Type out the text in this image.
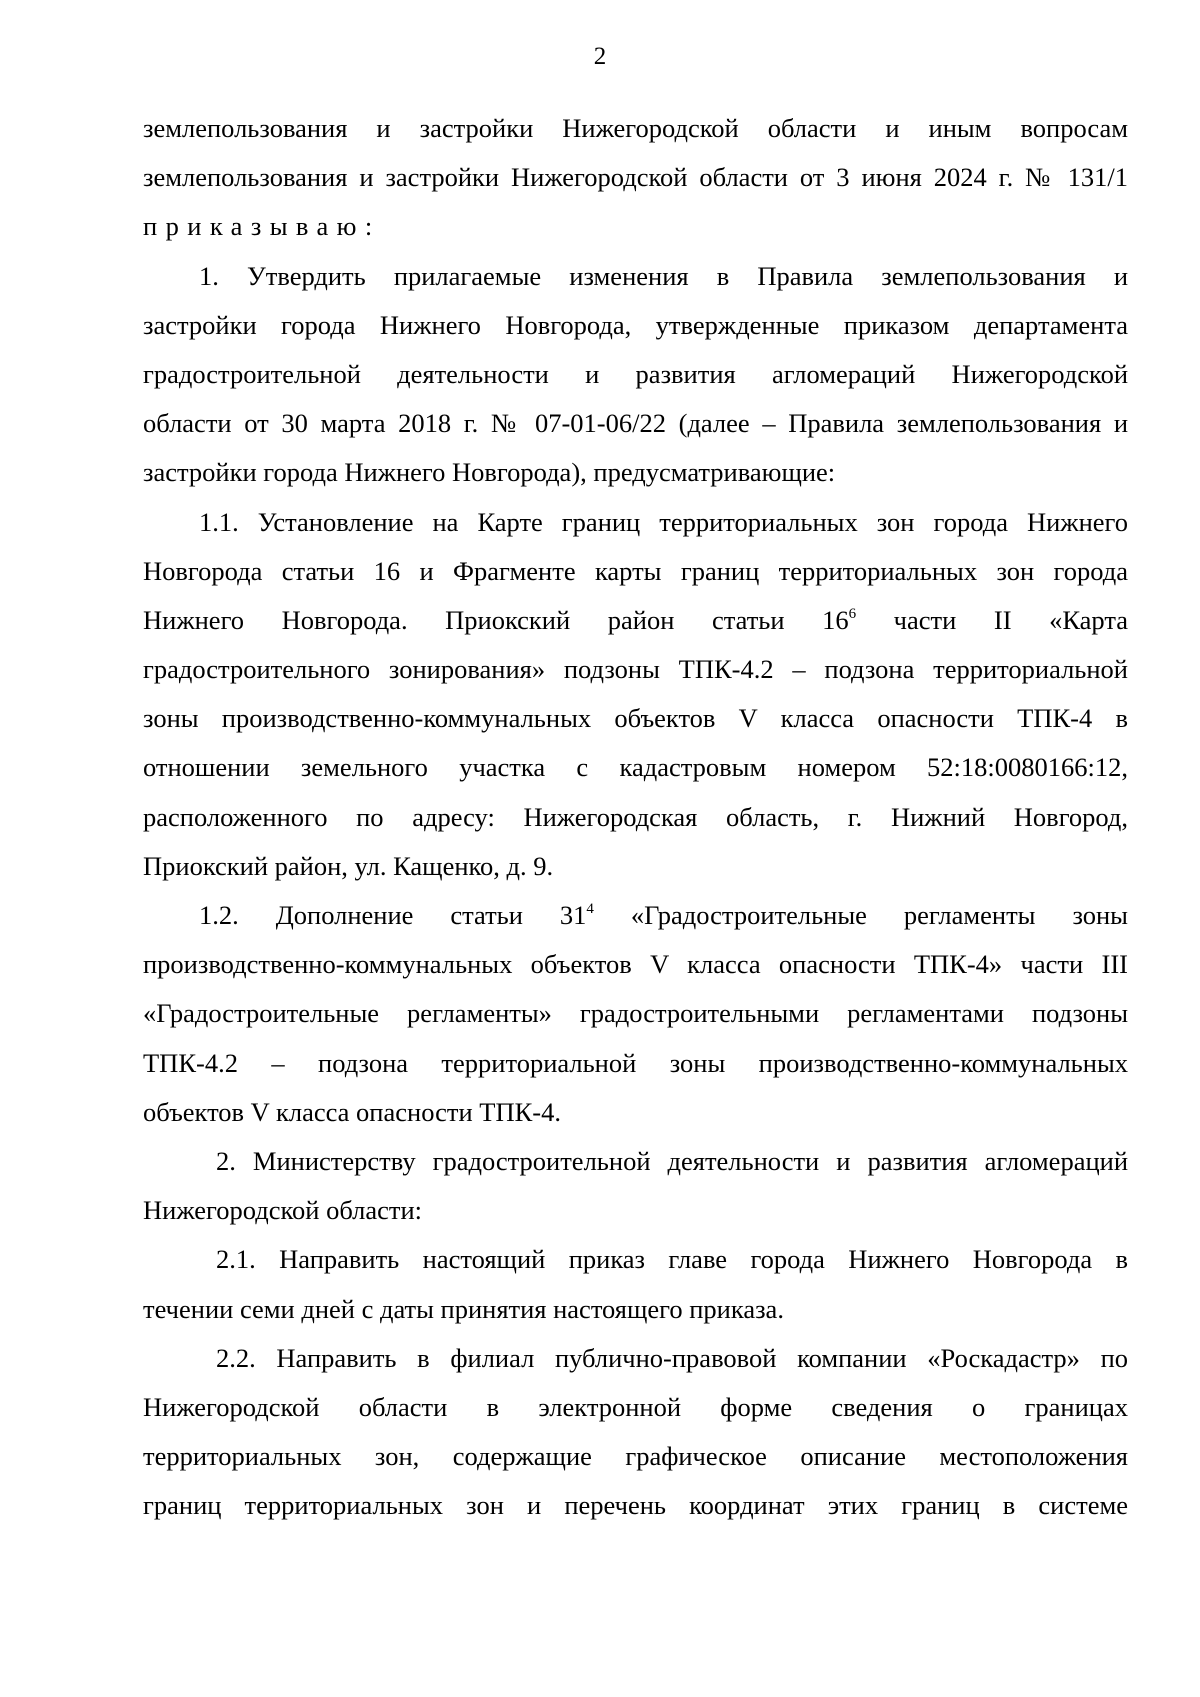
2
землепользования и застройки Нижегородской области и иным вопросам
землепользования и застройки Нижегородской области от 3 июня 2024 г. № 131/1
приказываю:
1. Утвердить прилагаемые изменения в Правила землепользования и
застройки города Нижнего Новгорода, утвержденные приказом департамента
градостроительной деятельности и развития агломераций Нижегородской
области от 30 марта 2018 г. № 07-01-06/22 (далее – Правила землепользования и
застройки города Нижнего Новгорода), предусматривающие:
1.1. Установление на Карте границ территориальных зон города Нижнего
Новгорода статьи 16 и Фрагменте карты границ территориальных зон города
Нижнего Новгорода. Приокский район статьи $16^6$ части II «Карта
градостроительного зонирования» подзоны ТПК-4.2 – подзона территориальной
зоны производственно-коммунальных объектов V класса опасности ТПК-4 в
отношении земельного участка с кадастровым номером 52:18:0080166:12,
расположенного по адресу: Нижегородская область, г. Нижний Новгород,
Приокский район, ул. Кащенко, д. 9.
1.2. Дополнение статьи $31^4$ «Градостроительные регламенты зоны
производственно-коммунальных объектов V класса опасности ТПК-4» части III
«Градостроительные регламенты» градостроительными регламентами подзоны
ТПК-4.2 – подзона территориальной зоны производственно-коммунальных
объектов V класса опасности ТПК-4.
2. Министерству градостроительной деятельности и развития агломераций
Нижегородской области:
2.1. Направить настоящий приказ главе города Нижнего Новгорода в
течении семи дней с даты принятия настоящего приказа.
2.2. Направить в филиал публично-правовой компании «Роскадастр» по
Нижегородской области в электронной форме сведения о границах
территориальных зон, содержащие графическое описание местоположения
границ территориальных зон и перечень координат этих границ в системе
